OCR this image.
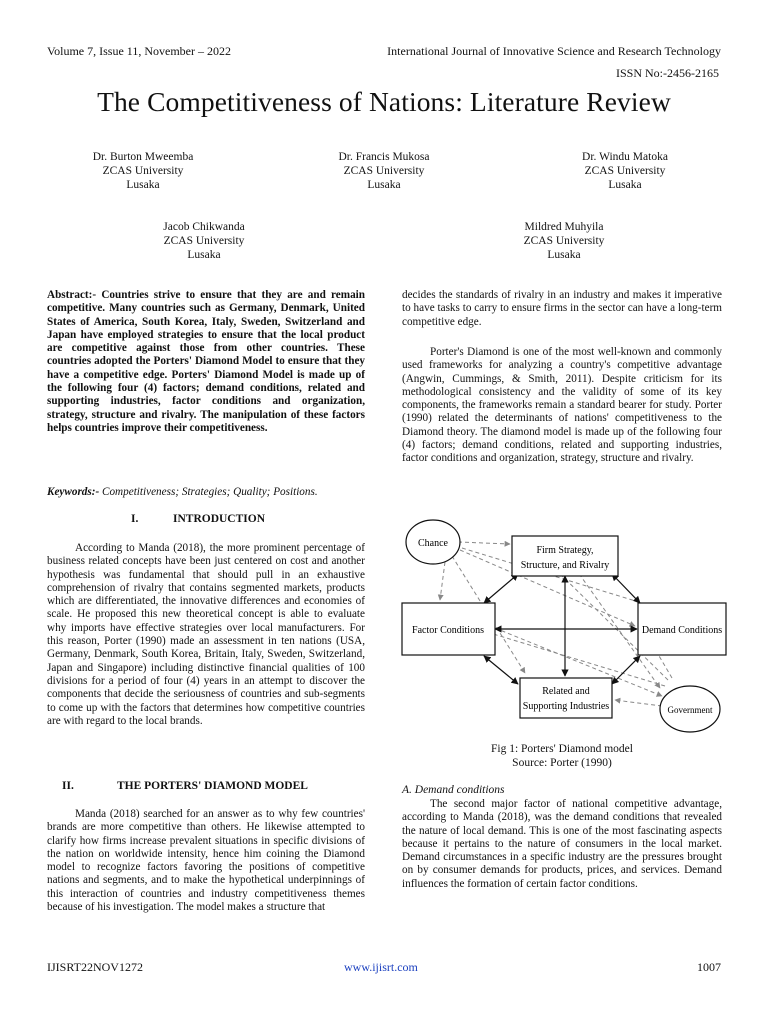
Volume 7, Issue 11, November – 2022	International Journal of Innovative Science and Research Technology
ISSN No:-2456-2165
The Competitiveness of Nations: Literature Review
Dr. Burton Mweemba
ZCAS University
Lusaka
Dr. Francis Mukosa
ZCAS University
Lusaka
Dr. Windu Matoka
ZCAS University
Lusaka
Jacob Chikwanda
ZCAS University
Lusaka
Mildred Muhyila
ZCAS University
Lusaka

Abstract:- Countries strive to ensure that they are and remain competitive. Many countries such as Germany, Denmark, United States of America, South Korea, Italy, Sweden, Switzerland and Japan have employed strategies to ensure that the local product are competitive against those from other countries. These countries adopted the Porters' Diamond Model to ensure that they have a competitive edge. Porters' Diamond Model is made up of the following four (4) factors; demand conditions, related and supporting industries, factor conditions and organization, strategy, structure and rivalry. The manipulation of these factors helps countries improve their competitiveness.

Keywords:- Competitiveness; Strategies; Quality; Positions.

I.	INTRODUCTION

According to Manda (2018), the more prominent percentage of business related concepts have been just centered on cost and another hypothesis was fundamental that should pull in an exhaustive comprehension of rivalry that contains segmented markets, products which are differentiated, the innovative differences and economies of scale. He proposed this new theoretical concept is able to evaluate why imports have effective strategies over local manufacturers. For this reason, Porter (1990) made an assessment in ten nations (USA, Germany, Denmark, South Korea, Britain, Italy, Sweden, Switzerland, Japan and Singapore) including distinctive financial qualities of 100 divisions for a period of four (4) years in an attempt to discover the components that decide the seriousness of countries and sub-segments to come up with the factors that determines how competitive countries are with regard to the local brands.

II.	THE PORTERS' DIAMOND MODEL

Manda (2018) searched for an answer as to why few countries' brands are more competitive than others. He likewise attempted to clarify how firms increase prevalent situations in specific divisions of the nation on worldwide intensity, hence him coining the Diamond model to recognize factors favoring the positions of competitive nations and segments, and to make the hypothetical underpinnings of this interaction of countries and industry competitiveness themes because of his investigation. The model makes a structure that

decides the standards of rivalry in an industry and makes it imperative to have tasks to carry to ensure firms in the sector can have a long-term competitive edge.

Porter's Diamond is one of the most well-known and commonly used frameworks for analyzing a country's competitive advantage (Angwin, Cummings, & Smith, 2011). Despite criticism for its methodological consistency and the validity of some of its key components, the frameworks remain a standard bearer for study. Porter (1990) related the determinants of nations' competitiveness to the Diamond theory. The diamond model is made up of the following four (4) factors; demand conditions, related and supporting industries, factor conditions and organization, strategy, structure and rivalry.

Chance
Firm Strategy,
Structure, and Rivalry
Factor Conditions	Demand Conditions
Related and
Supporting Industries	Government
Fig 1: Porters' Diamond model
Source: Porter (1990)
A. Demand conditions

The second major factor of national competitive advantage, according to Manda (2018), was the demand conditions that revealed the nature of local demand. This is one of the most fascinating aspects because it pertains to the nature of consumers in the local market. Demand circumstances in a specific industry are the pressures brought on by consumer demands for products, prices, and services. Demand influences the formation of certain factor conditions.

IJISRT22NOV1272	www.ijisrt.com	1007
